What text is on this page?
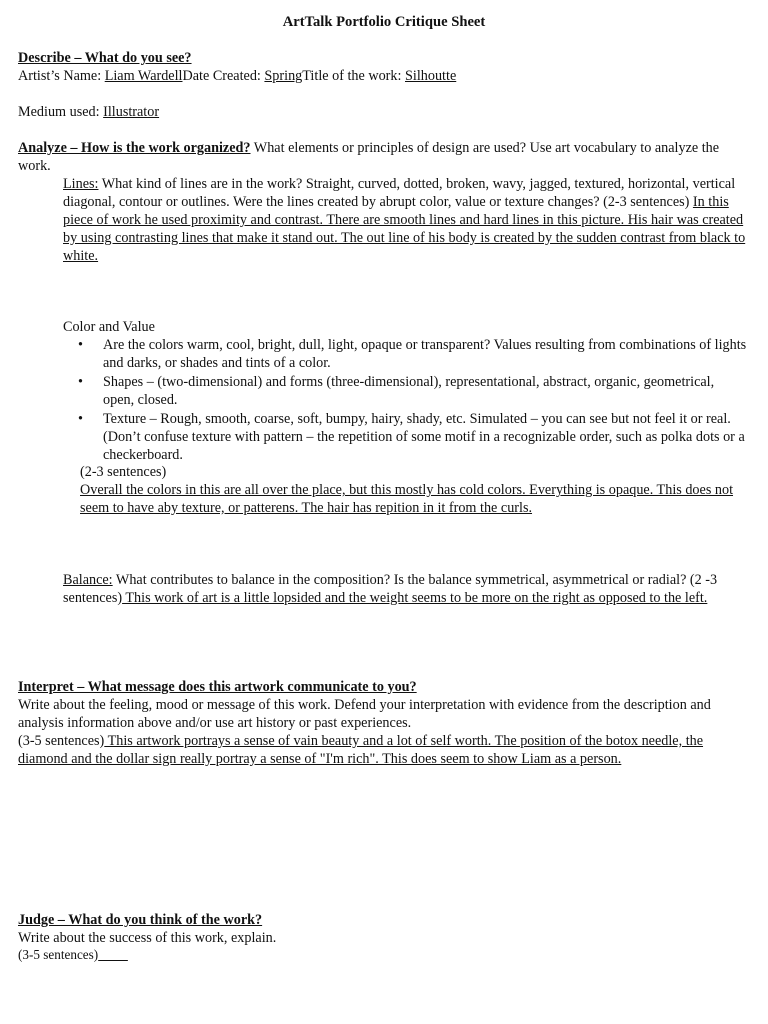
ArtTalk Portfolio Critique Sheet
Describe – What do you see?
Artist’s Name: Liam WardellDate Created: SpringTitle of the work: Silhoutte
Medium used: Illustrator
Analyze – How is the work organized? What elements or principles of design are used? Use art vocabulary to analyze the work.
Lines: What kind of lines are in the work? Straight, curved, dotted, broken, wavy, jagged, textured, horizontal, vertical diagonal, contour or outlines. Were the lines created by abrupt color, value or texture changes? (2-3 sentences) In this piece of work he used proximity and contrast. There are smooth lines and hard lines in this picture. His hair was created by using contrasting lines that make it stand out. The out line of his body is created by the sudden contrast from black to white.
Color and Value
• Are the colors warm, cool, bright, dull, light, opaque or transparent? Values resulting from combinations of lights and darks, or shades and tints of a color.
• Shapes – (two-dimensional) and forms (three-dimensional), representational, abstract, organic, geometrical, open, closed.
• Texture – Rough, smooth, coarse, soft, bumpy, hairy, shady, etc. Simulated – you can see but not feel it or real. (Don’t confuse texture with pattern – the repetition of some motif in a recognizable order, such as polka dots or a checkerboard.
(2-3 sentences)
Overall the colors in this are all over the place, but this mostly has cold colors. Everything is opaque. This does not seem to have aby texture, or patterens. The hair has repition in it from the curls.
Balance: What contributes to balance in the composition? Is the balance symmetrical, asymmetrical or radial? (2 -3 sentences) This work of art is a little lopsided and the weight seems to be more on the right as opposed to the left.
Interpret – What message does this artwork communicate to you?
Write about the feeling, mood or message of this work. Defend your interpretation with evidence from the description and analysis information above and/or use art history or past experiences.
(3-5 sentences) This artwork portrays a sense of vain beauty and a lot of self worth. The position of the botox needle, the diamond and the dollar sign really portray a sense of "I'm rich". This does seem to show Liam as a person.
Judge – What do you think of the work?
Write about the success of this work, explain.
(3-5 sentences)
